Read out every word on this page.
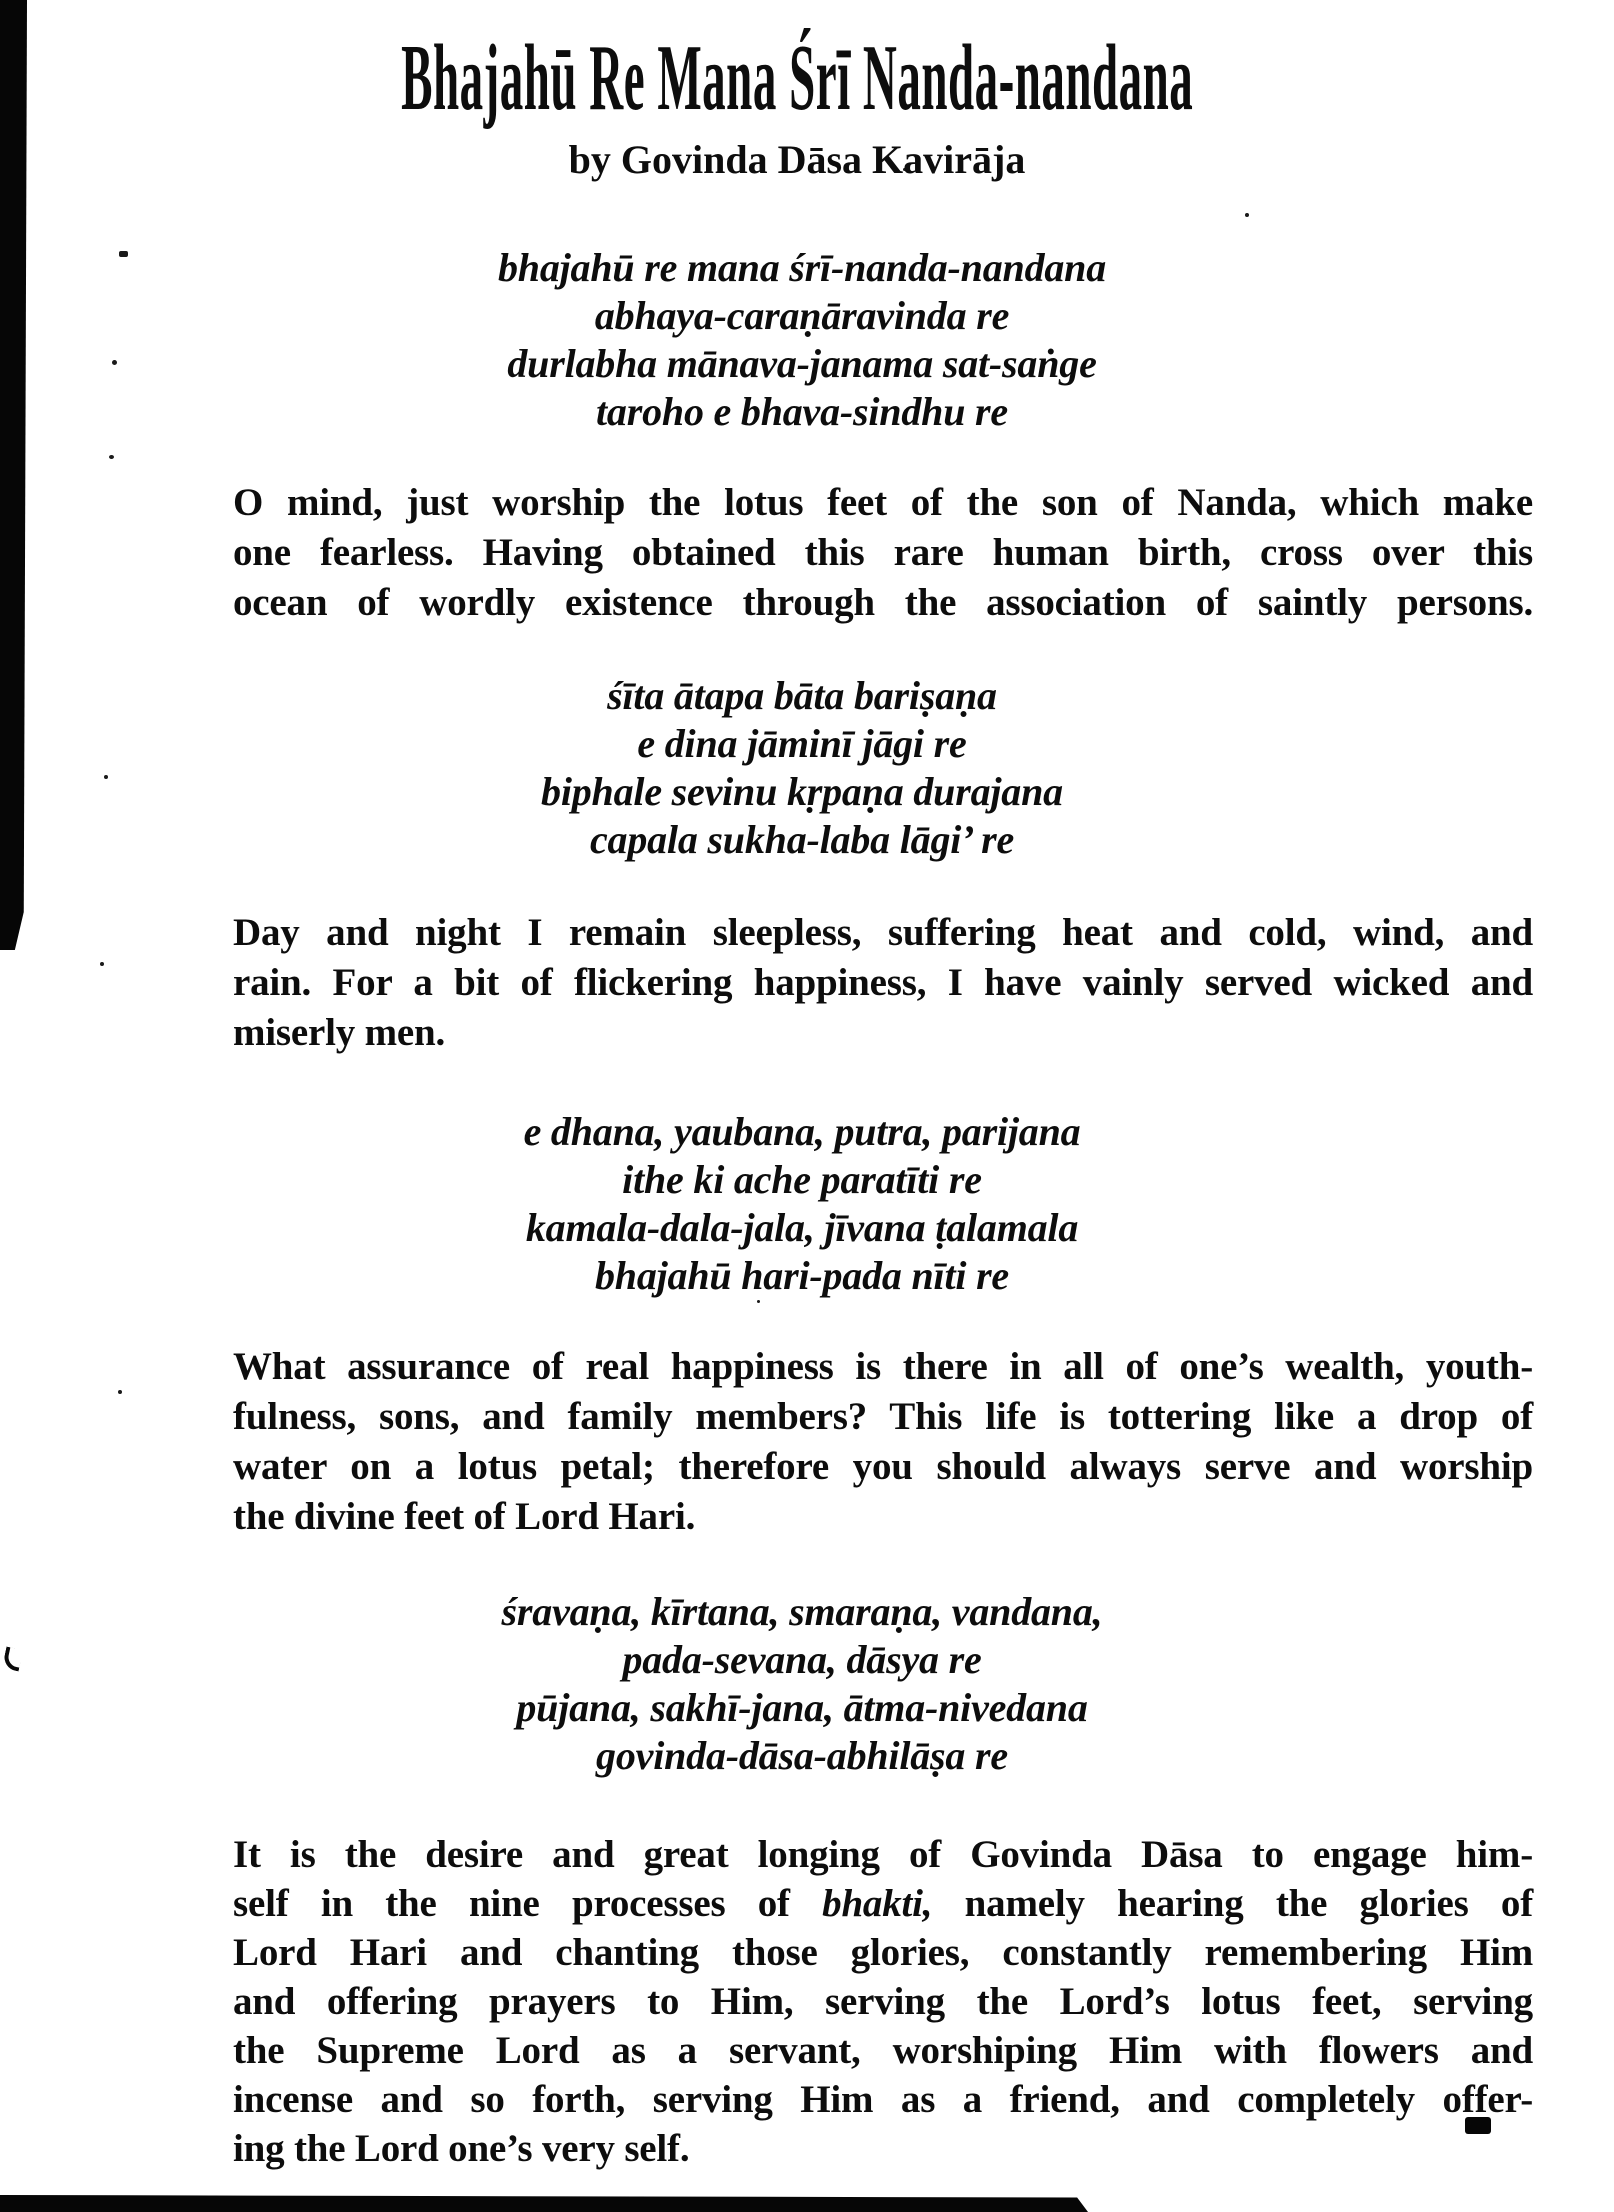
Bhajahū Re Mana Śrī Nanda-nandana
by Govinda Dāsa Kavirāja
bhajahū re mana śrī-nanda-nandana
abhaya-caraṇāravinda re
durlabha mānava-janama sat-saṅge
taroho e bhava-sindhu re
O mind, just worship the lotus feet of the son of Nanda, which make
one fearless. Having obtained this rare human birth, cross over this
ocean of wordly existence through the association of saintly persons.
śīta ātapa bāta bariṣaṇa
e dina jāminī jāgi re
biphale sevinu kṛpaṇa durajana
capala sukha-laba lāgi’ re
Day and night I remain sleepless, suffering heat and cold, wind, and
rain. For a bit of flickering happiness, I have vainly served wicked and
miserly men.
e dhana, yaubana, putra, parijana
ithe ki ache paratīti re
kamala-dala-jala, jīvana ṭalamala
bhajahū hari-pada nīti re
What assurance of real happiness is there in all of one’s wealth, youth-
fulness, sons, and family members? This life is tottering like a drop of
water on a lotus petal; therefore you should always serve and worship
the divine feet of Lord Hari.
śravaṇa, kīrtana, smaraṇa, vandana,
pada-sevana, dāsya re
pūjana, sakhī-jana, ātma-nivedana
govinda-dāsa-abhilāṣa re
It is the desire and great longing of Govinda Dāsa to engage him-
self in the nine processes of bhakti, namely hearing the glories of
Lord Hari and chanting those glories, constantly remembering Him
and offering prayers to Him, serving the Lord’s lotus feet, serving
the Supreme Lord as a servant, worshiping Him with flowers and
incense and so forth, serving Him as a friend, and completely offer-
ing the Lord one’s very self.
